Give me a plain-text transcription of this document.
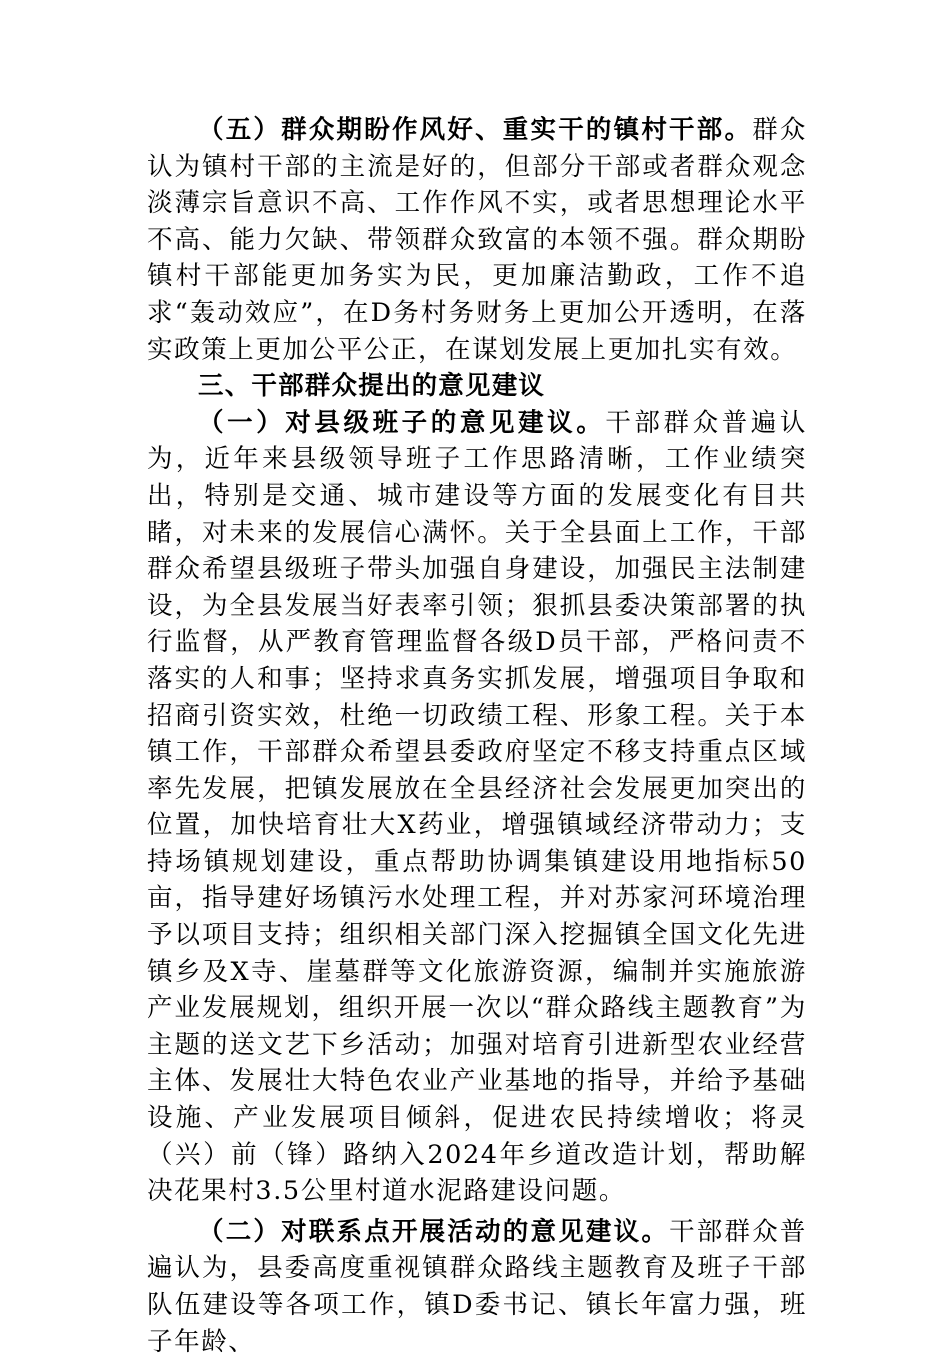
（五）群众期盼作风好、重实干的镇村干部。群众认为镇村干部的主流是好的，但部分干部或者群众观念淡薄宗旨意识不高、工作作风不实，或者思想理论水平不高、能力欠缺、带领群众致富的本领不强。群众期盼镇村干部能更加务实为民，更加廉洁勤政，工作不追求“轰动效应”，在D务村务财务上更加公开透明，在落实政策上更加公平公正，在谋划发展上更加扎实有效。

三、干部群众提出的意见建议

（一）对县级班子的意见建议。干部群众普遍认为，近年来县级领导班子工作思路清晰，工作业绩突出，特别是交通、城市建设等方面的发展变化有目共睹，对未来的发展信心满怀。关于全县面上工作，干部群众希望县级班子带头加强自身建设，加强民主法制建设，为全县发展当好表率引领；狠抓县委决策部署的执行监督，从严教育管理监督各级D员干部，严格问责不落实的人和事；坚持求真务实抓发展，增强项目争取和招商引资实效，杜绝一切政绩工程、形象工程。关于本镇工作，干部群众希望县委政府坚定不移支持重点区域率先发展，把镇发展放在全县经济社会发展更加突出的位置，加快培育壮大X药业，增强镇域经济带动力；支持场镇规划建设，重点帮助协调集镇建设用地指标50亩，指导建好场镇污水处理工程，并对苏家河环境治理予以项目支持；组织相关部门深入挖掘镇全国文化先进镇乡及X寺、崖墓群等文化旅游资源，编制并实施旅游产业发展规划，组织开展一次以“群众路线主题教育”为主题的送文艺下乡活动；加强对培育引进新型农业经营主体、发展壮大特色农业产业基地的指导，并给予基础设施、产业发展项目倾斜，促进农民持续增收；将灵（兴）前（锋）路纳入2024年乡道改造计划，帮助解决花果村3.5公里村道水泥路建设问题。

（二）对联系点开展活动的意见建议。干部群众普遍认为，县委高度重视镇群众路线主题教育及班子干部队伍建设等各项工作，镇D委书记、镇长年富力强，班子年龄、
